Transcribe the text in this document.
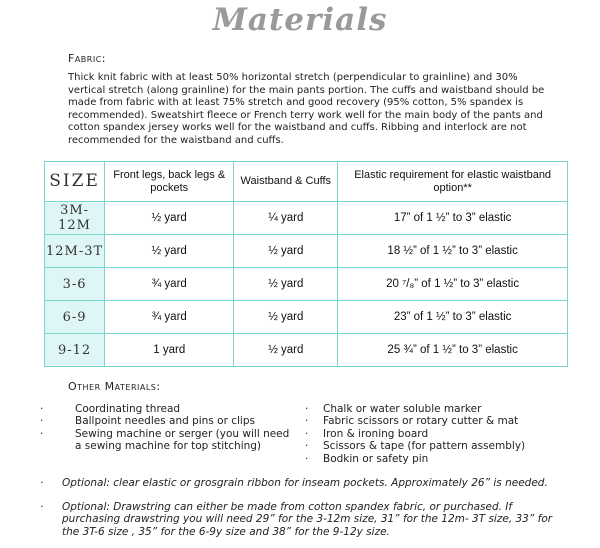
Materials
Fabric:
Thick knit fabric with at least 50% horizontal stretch (perpendicular to grainline) and 30% vertical stretch (along grainline) for the main pants portion. The cuffs and waistband should be made from fabric with at least 75% stretch and good recovery (95% cotton, 5% spandex is recommended). Sweatshirt fleece or French terry work well for the main body of the pants and cotton spandex jersey works well for the waistband and cuffs. Ribbing and interlock are not recommended for the waistband and cuffs.
SIZE	Front legs, back legs & pockets	Waistband & Cuffs	Elastic requirement for elastic waistband option**
3M-12M	½ yard	¼ yard	17” of 1 ½” to 3” elastic
12M-3T	½ yard	½ yard	18 ½” of 1 ½” to 3” elastic
3-6	¾ yard	½ yard	20 ⁷/₈” of 1 ½” to 3” elastic
6-9	¾ yard	½ yard	23” of 1 ½” to 3” elastic
9-12	1 yard	½ yard	25 ¾” of 1 ½” to 3” elastic
Other Materials:
·	Coordinating thread
·	Ballpoint needles and pins or clips
·	Sewing machine or serger (you will need a sewing machine for top stitching)
· Chalk or water soluble marker
· Fabric scissors or rotary cutter & mat
· Iron & ironing board
· Scissors & tape (for pattern assembly)
· Bodkin or safety pin
· Optional: clear elastic or grosgrain ribbon for inseam pockets. Approximately 26” is needed.
· Optional: Drawstring can either be made from cotton spandex fabric, or purchased. If purchasing drawstring you will need 29” for the 3-12m size, 31” for the 12m- 3T size, 33” for the 3T-6 size , 35” for the 6-9y size and 38” for the 9-12y size.
